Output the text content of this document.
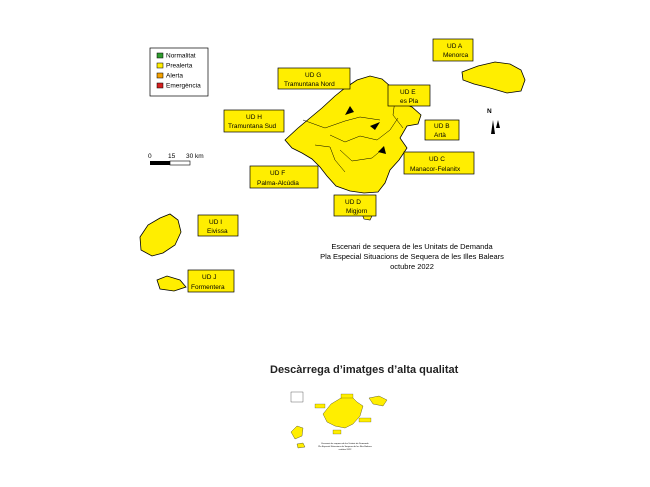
Normalitat
Prealerta
Alerta
Emergència
0	15 30 km
N
UD A
Menorca
UD B
Artà
UD C
Manacor-Felanitx
UD D
Migjorn
UD E
es Pla
UD F
Palma-Alcúdia
UD G
Tramuntana Nord
UD H
Tramuntana Sud
UD I
Eivissa
UD J
Formentera
Escenari de sequera de les Unitats de Demanda
Pla Especial Situacions de Sequera de les Illes Balears
octubre 2022
Descàrrega d’imatges d’alta qualitat
Escenari de sequera de les Unitats de Demanda
Pla Especial Situacions de Sequera de les Illes Balears
octubre 2022
